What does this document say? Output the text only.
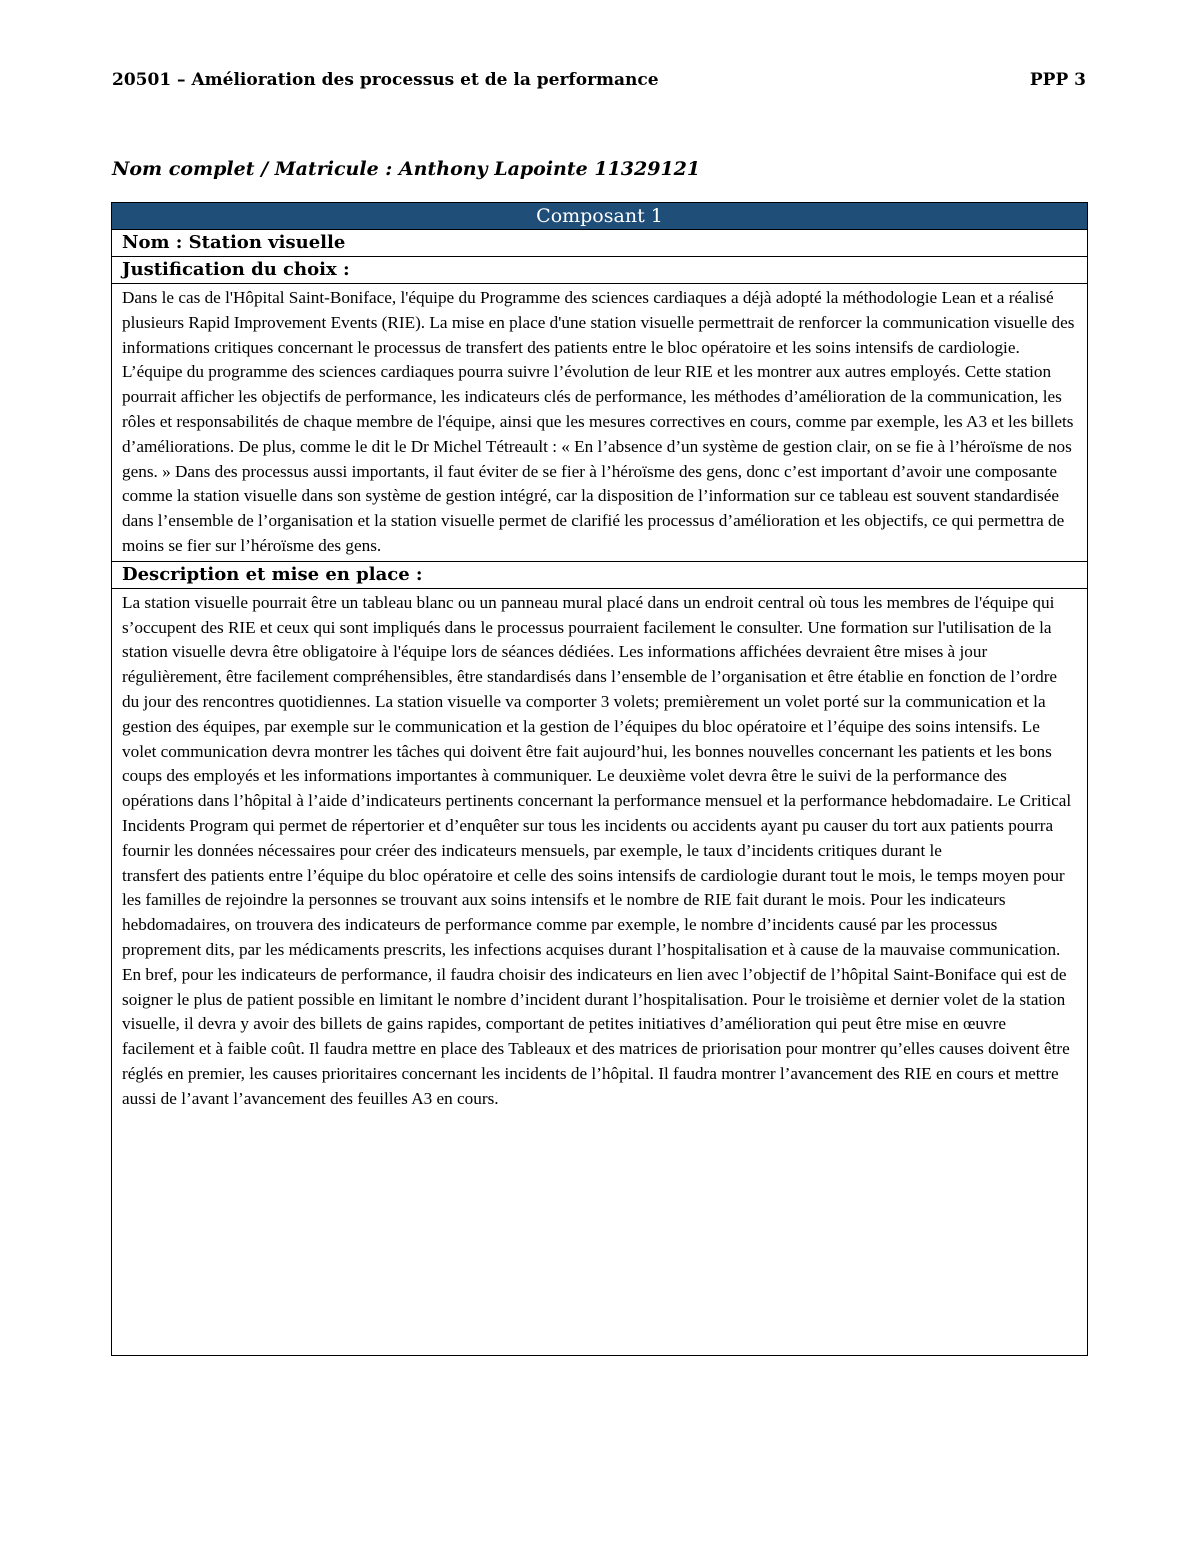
20501 – Amélioration des processus et de la performance	PPP 3
Nom complet / Matricule : Anthony Lapointe 11329121
Composant 1
Nom : Station visuelle
Justification du choix :

Dans le cas de l'Hôpital Saint-Boniface, l'équipe du Programme des sciences cardiaques a déjà adopté la méthodologie Lean et a réalisé plusieurs Rapid Improvement Events (RIE). La mise en place d'une station visuelle permettrait de renforcer la communication visuelle des informations critiques concernant le processus de transfert des patients entre le bloc opératoire et les soins intensifs de cardiologie. L’équipe du programme des sciences cardiaques pourra suivre l’évolution de leur RIE et les montrer aux autres employés. Cette station pourrait afficher les objectifs de performance, les indicateurs clés de performance, les méthodes d’amélioration de la communication, les rôles et responsabilités de chaque membre de l'équipe, ainsi que les mesures correctives en cours, comme par exemple, les A3 et les billets d’améliorations. De plus, comme le dit le Dr Michel Tétreault : « En l’absence d’un système de gestion clair, on se fie à l’héroïsme de nos gens. » Dans des processus aussi importants, il faut éviter de se fier à l’héroïsme des gens, donc c’est important d’avoir une composante comme la station visuelle dans son système de gestion intégré, car la disposition de l’information sur ce tableau est souvent standardisée dans l’ensemble de l’organisation et la station visuelle permet de clarifié les processus d’amélioration et les objectifs, ce qui permettra de moins se fier sur l’héroïsme des gens.

Description et mise en place :

La station visuelle pourrait être un tableau blanc ou un panneau mural placé dans un endroit central où tous les membres de l'équipe qui s’occupent des RIE et ceux qui sont impliqués dans le processus pourraient facilement le consulter. Une formation sur l'utilisation de la station visuelle devra être obligatoire à l'équipe lors de séances dédiées. Les informations affichées devraient être mises à jour régulièrement, être facilement compréhensibles, être standardisés dans l’ensemble de l’organisation et être établie en fonction de l’ordre du jour des rencontres quotidiennes. La station visuelle va comporter 3 volets; premièrement un volet porté sur la communication et la gestion des équipes, par exemple sur le communication et la gestion de l’équipes du bloc opératoire et l’équipe des soins intensifs. Le volet communication devra montrer les tâches qui doivent être fait aujourd’hui, les bonnes nouvelles concernant les patients et les bons coups des employés et les informations importantes à communiquer. Le deuxième volet devra être le suivi de la performance des opérations dans l’hôpital à l’aide d’indicateurs pertinents concernant la performance mensuel et la performance hebdomadaire. Le Critical Incidents Program qui permet de répertorier et d’enquêter sur tous les incidents ou accidents ayant pu causer du tort aux patients pourra fournir les données nécessaires pour créer des indicateurs mensuels, par exemple, le taux d’incidents critiques durant le

transfert des patients entre l’équipe du bloc opératoire et celle des soins intensifs de cardiologie durant tout le mois, le temps moyen pour les familles de rejoindre la personnes se trouvant aux soins intensifs et le nombre de RIE fait durant le mois. Pour les indicateurs hebdomadaires, on trouvera des indicateurs de performance comme par exemple, le nombre d’incidents causé par les processus proprement dits, par les médicaments prescrits, les infections acquises durant l’hospitalisation et à cause de la mauvaise communication. En bref, pour les indicateurs de performance, il faudra choisir des indicateurs en lien avec l’objectif de l’hôpital Saint-Boniface qui est de soigner le plus de patient possible en limitant le nombre d’incident durant l’hospitalisation. Pour le troisième et dernier volet de la station visuelle, il devra y avoir des billets de gains rapides, comportant de petites initiatives d’amélioration qui peut être mise en œuvre facilement et à faible coût. Il faudra mettre en place des Tableaux et des matrices de priorisation pour montrer qu’elles causes doivent être réglés en premier, les causes prioritaires concernant les incidents de l’hôpital. Il faudra montrer l’avancement des RIE en cours et mettre aussi de l’avant l’avancement des feuilles A3 en cours.
